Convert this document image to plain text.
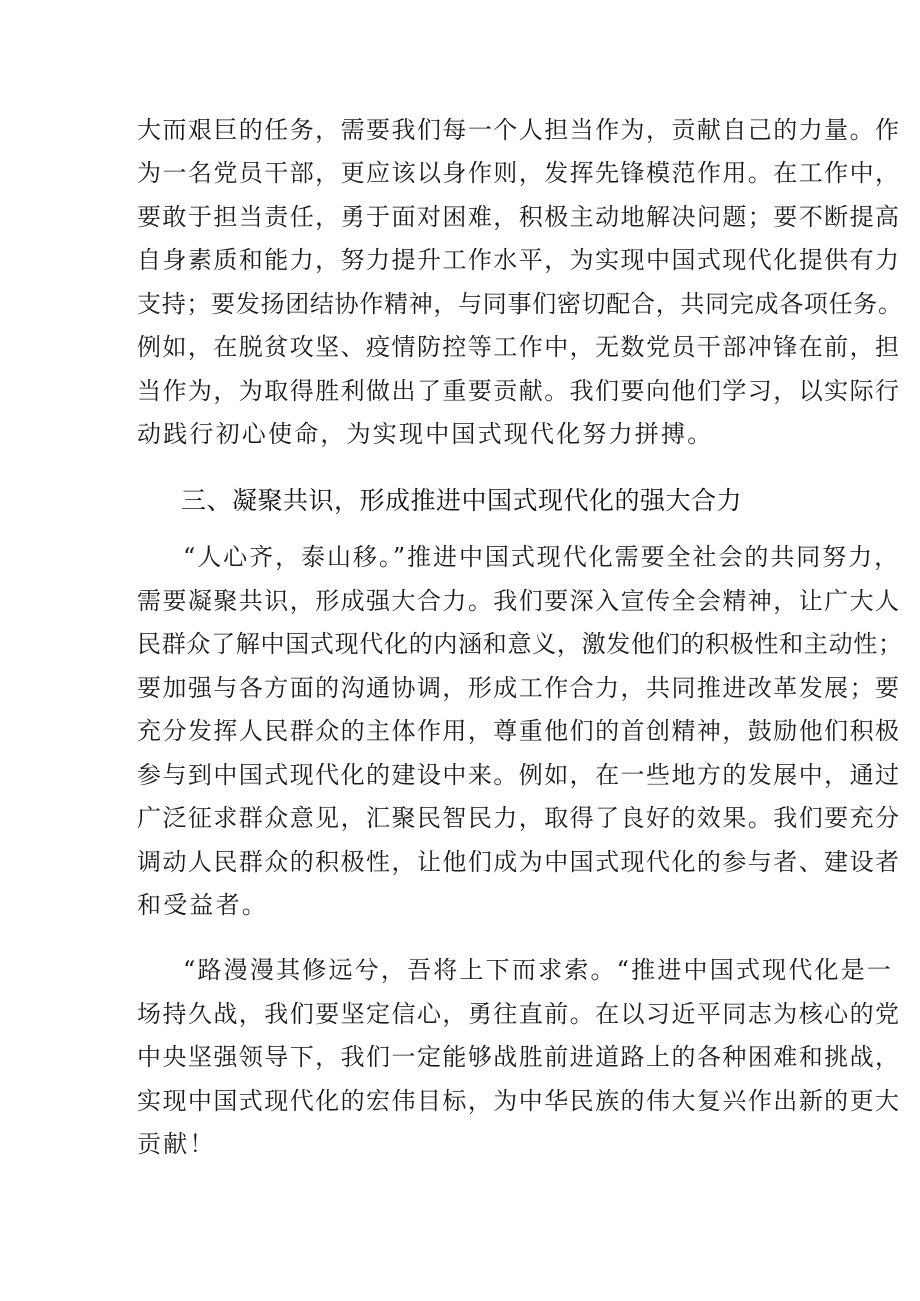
大而艰巨的任务，需要我们每一个人担当作为，贡献自己的力量。作
为一名党员干部，更应该以身作则，发挥先锋模范作用。在工作中，
要敢于担当责任，勇于面对困难，积极主动地解决问题；要不断提高
自身素质和能力，努力提升工作水平，为实现中国式现代化提供有力
支持；要发扬团结协作精神，与同事们密切配合，共同完成各项任务。
例如，在脱贫攻坚、疫情防控等工作中，无数党员干部冲锋在前，担
当作为，为取得胜利做出了重要贡献。我们要向他们学习，以实际行
动践行初心使命，为实现中国式现代化努力拼搏。
三、凝聚共识，形成推进中国式现代化的强大合力
“人心齐，泰山移。”推进中国式现代化需要全社会的共同努力，
需要凝聚共识，形成强大合力。我们要深入宣传全会精神，让广大人
民群众了解中国式现代化的内涵和意义，激发他们的积极性和主动性；
要加强与各方面的沟通协调，形成工作合力，共同推进改革发展；要
充分发挥人民群众的主体作用，尊重他们的首创精神，鼓励他们积极
参与到中国式现代化的建设中来。例如，在一些地方的发展中，通过
广泛征求群众意见，汇聚民智民力，取得了良好的效果。我们要充分
调动人民群众的积极性，让他们成为中国式现代化的参与者、建设者
和受益者。
“路漫漫其修远兮，吾将上下而求索。“推进中国式现代化是一
场持久战，我们要坚定信心，勇往直前。在以习近平同志为核心的党
中央坚强领导下，我们一定能够战胜前进道路上的各种困难和挑战，
实现中国式现代化的宏伟目标，为中华民族的伟大复兴作出新的更大
贡献！
